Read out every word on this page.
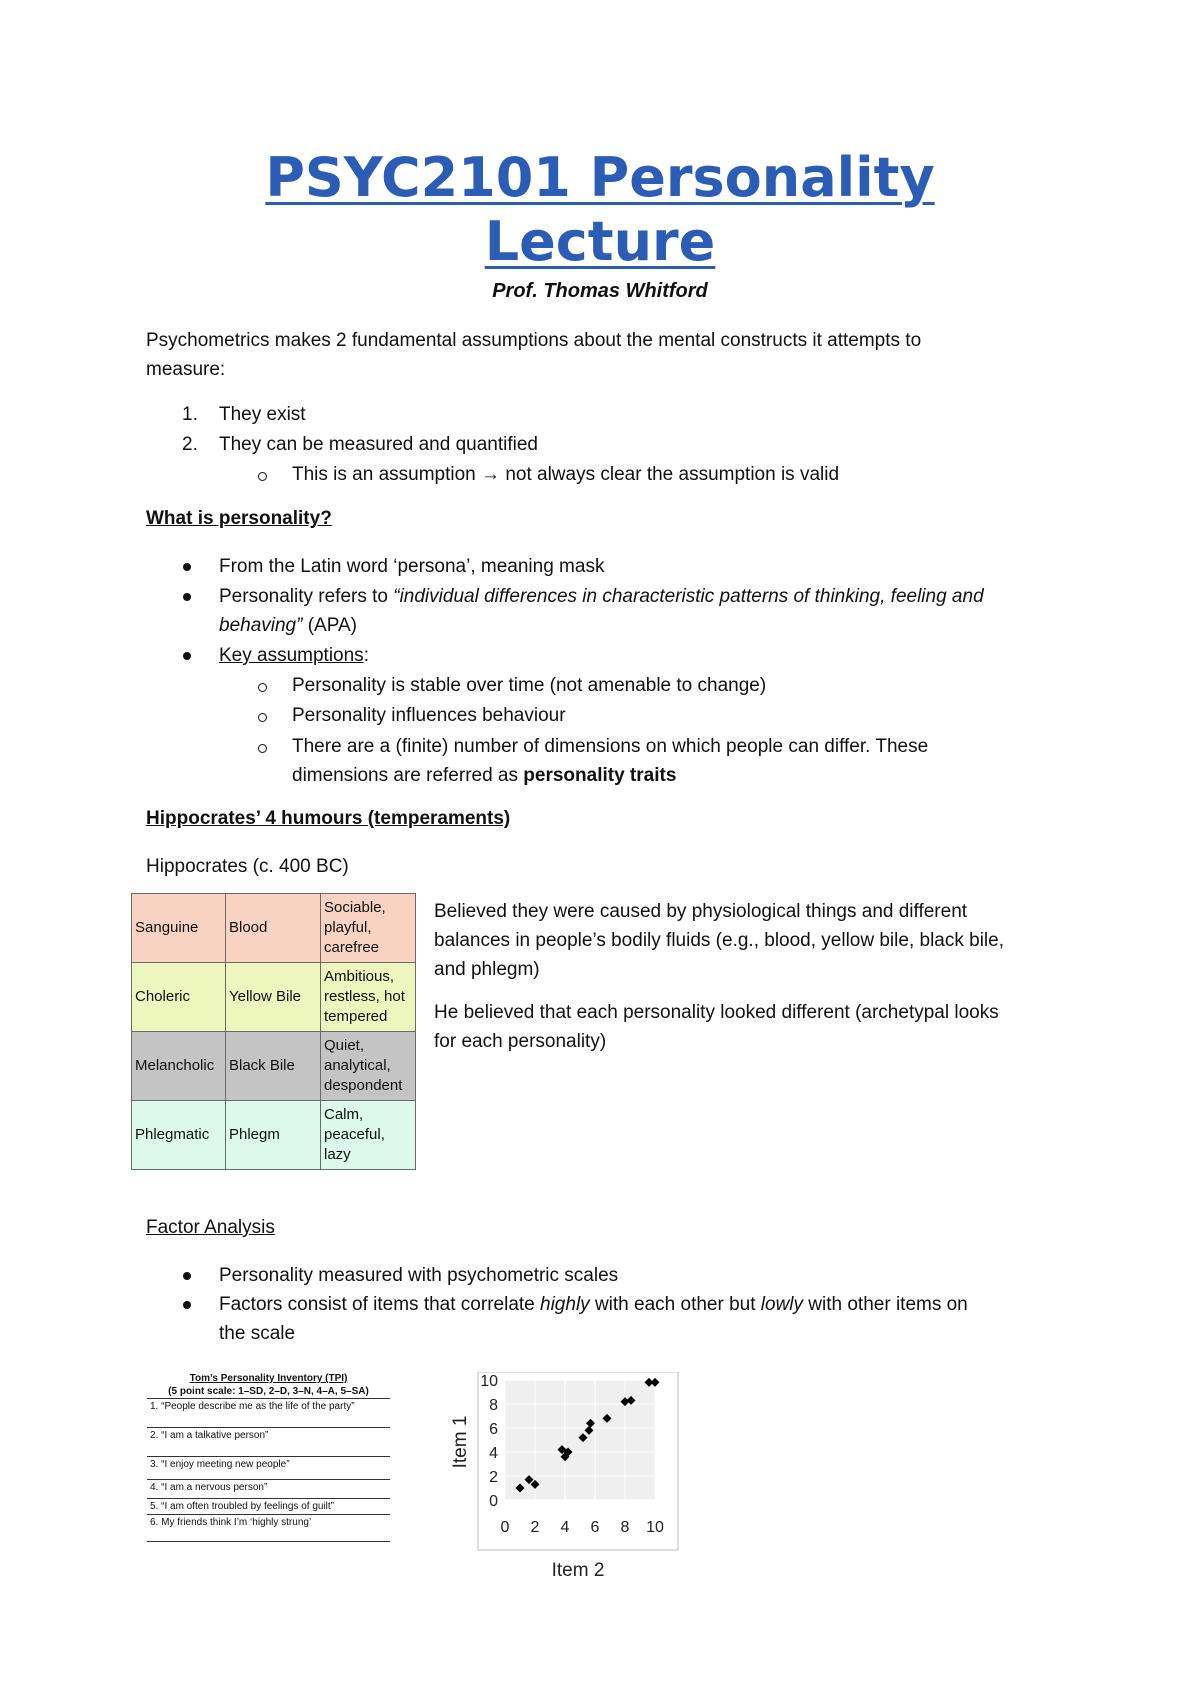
PSYC2101 Personality
Lecture
Prof. Thomas Whitford
Psychometrics makes 2 fundamental assumptions about the mental constructs it attempts to
measure:
1. They exist
2. They can be measured and quantified
This is an assumption → not always clear the assumption is valid
What is personality?
From the Latin word ‘persona’, meaning mask
Personality refers to “individual differences in characteristic patterns of thinking, feeling and
behaving” (APA)
Key assumptions:
Personality is stable over time (not amenable to change)
Personality influences behaviour
There are a (finite) number of dimensions on which people can differ. These
dimensions are referred as personality traits
Hippocrates’ 4 humours (temperaments)
Hippocrates (c. 400 BC)
Sanguine	Blood	Sociable, playful, carefree
Choleric	Yellow Bile	Ambitious, restless, hot tempered
Melancholic	Black Bile	Quiet, analytical, despondent
Phlegmatic	Phlegm	Calm, peaceful, lazy
Believed they were caused by physiological things and different
balances in people’s bodily fluids (e.g., blood, yellow bile, black bile,
and phlegm)
He believed that each personality looked different (archetypal looks
for each personality)
Factor Analysis
Personality measured with psychometric scales
Factors consist of items that correlate highly with each other but lowly with other items on
the scale
Tom’s Personality Inventory (TPI)
(5 point scale: 1–SD, 2–D, 3–N, 4–A, 5–SA)
1. “People describe me as the life of the party”
2. “I am a talkative person”
3. “I enjoy meeting new people”
4. “I am a nervous person”
5. “I am often troubled by feelings of guilt”
6. My friends think I’m ‘highly strung’
0
2
4
6
8
10
0 2 4 6 8 10
Item 2
Item 1
